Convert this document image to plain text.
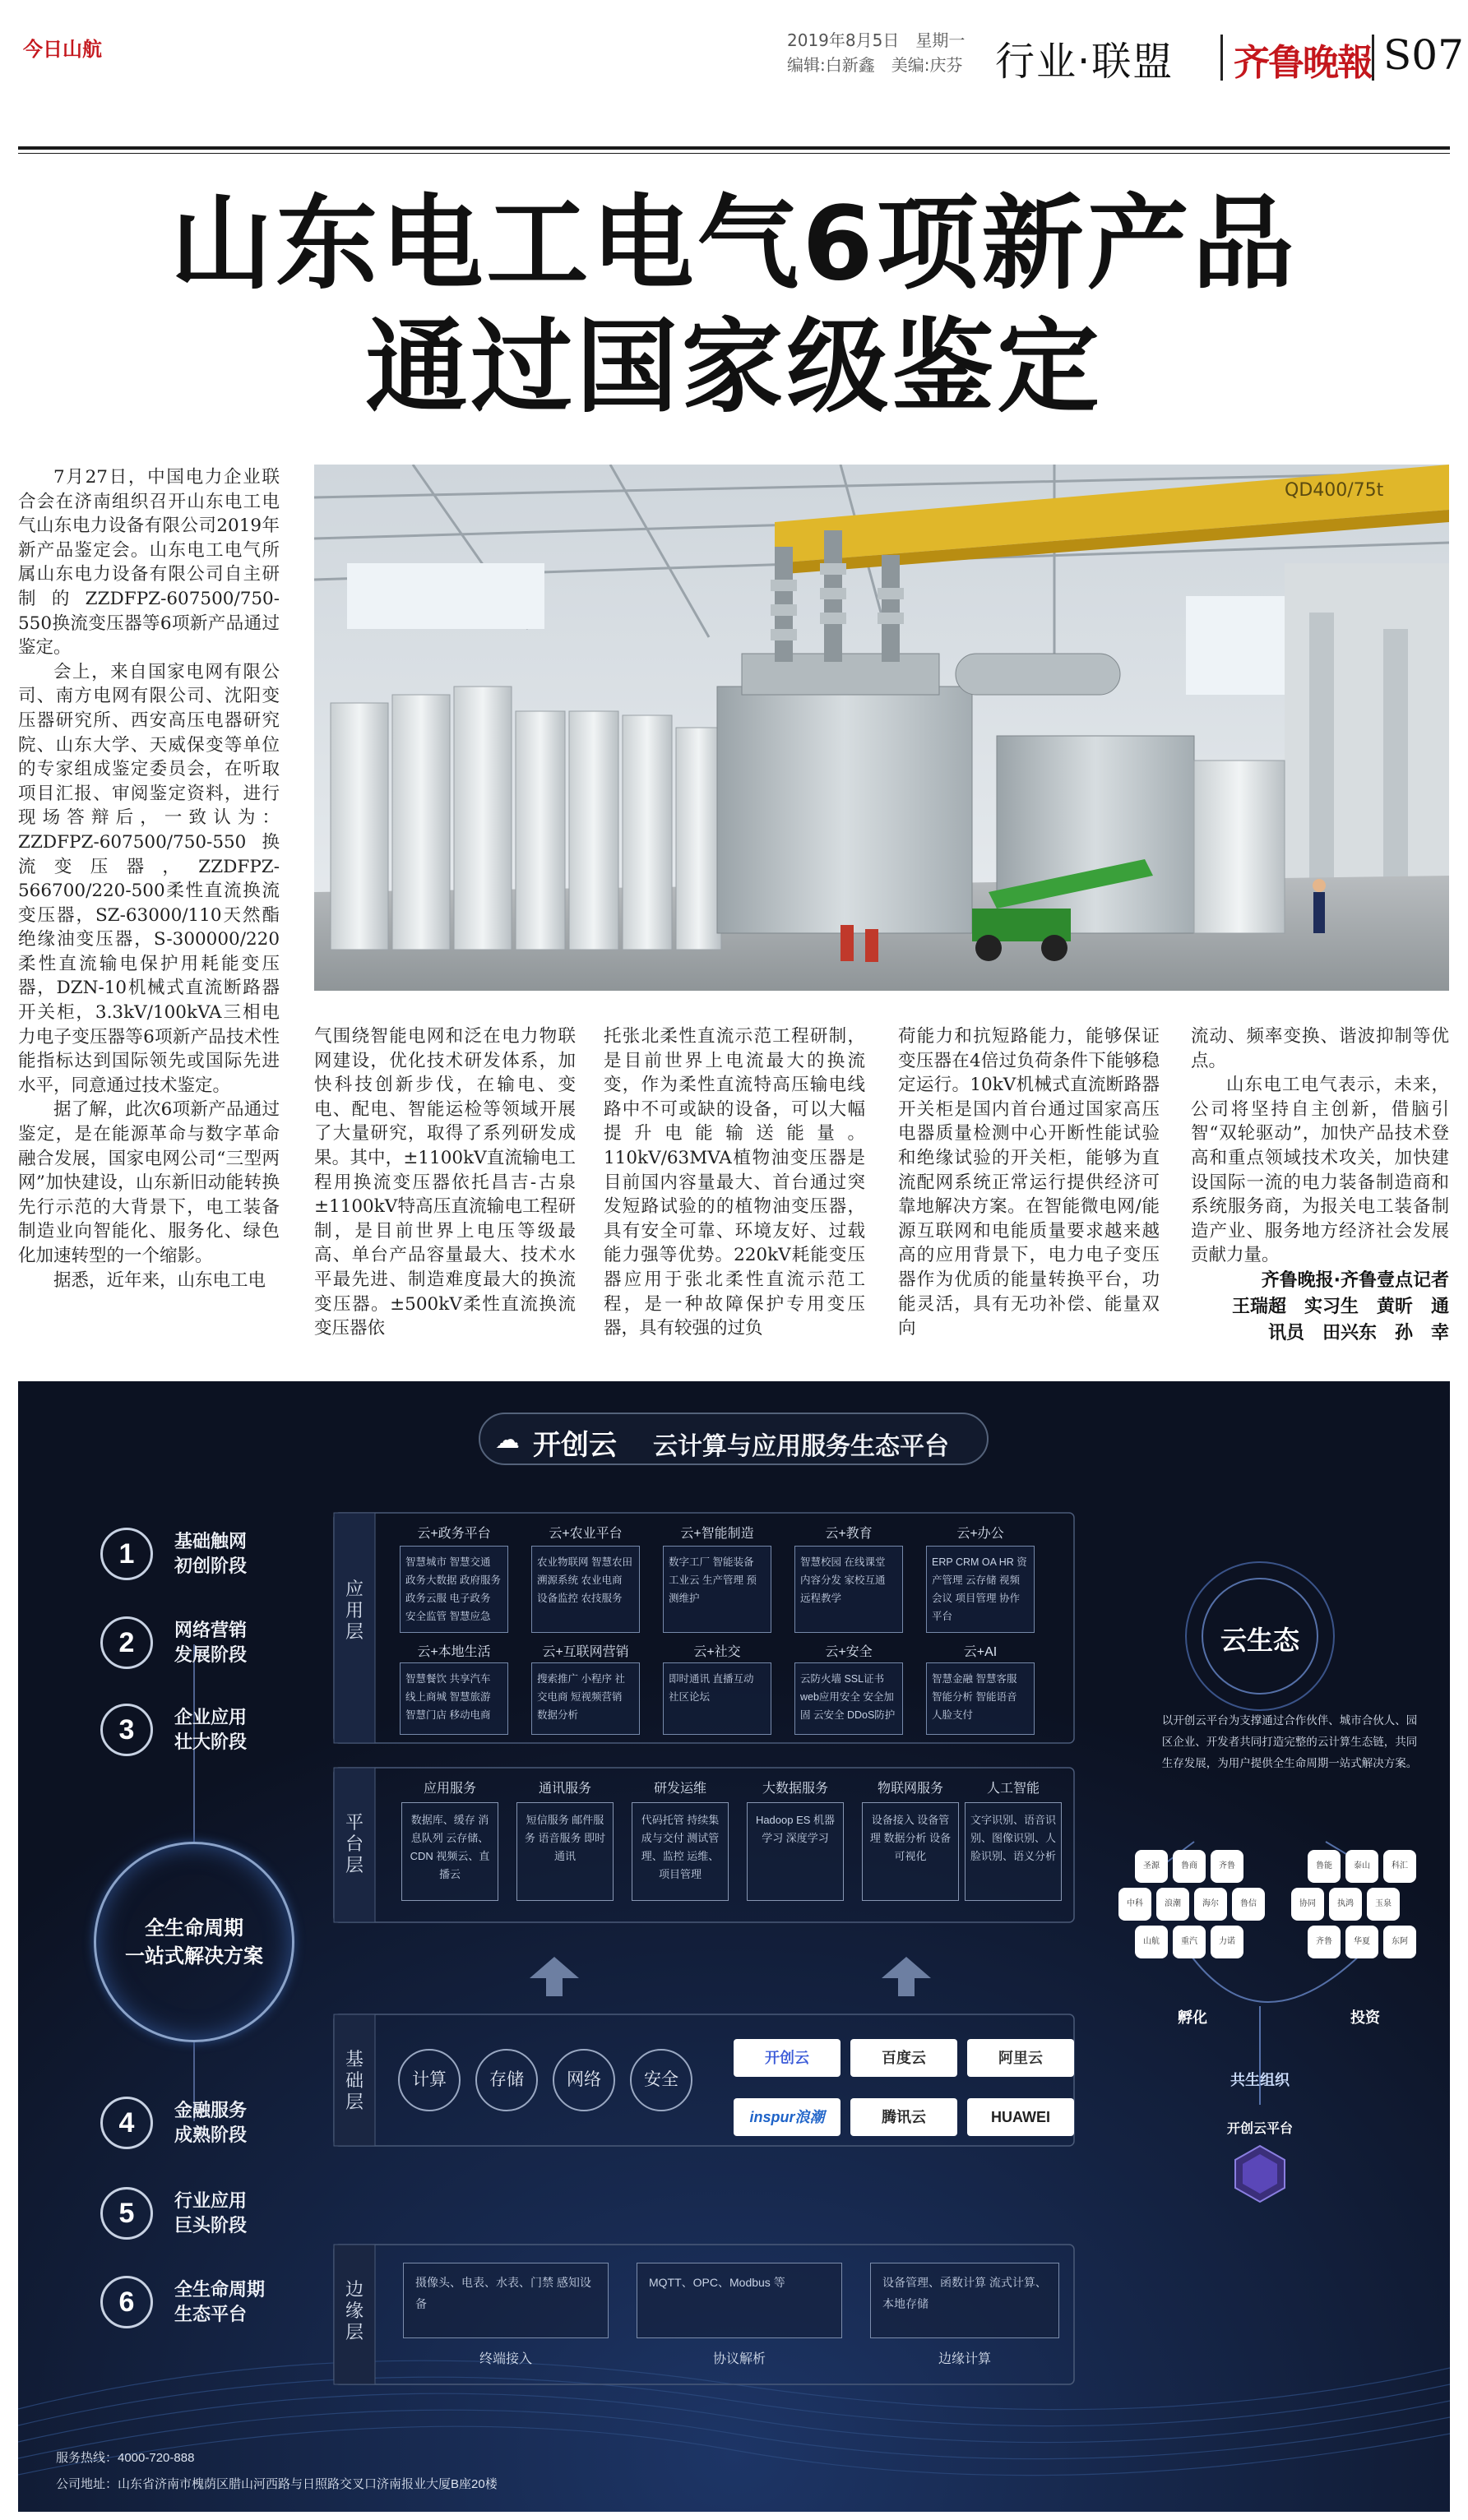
今日山航	2019年8月5日　星期一
编辑:白新鑫　美编:庆芬 行业·联盟 齐鲁晚報 S07
山东电工电气6项新产品
通过国家级鉴定
QD400/75t

7月27日，中国电力企业联合会在济南组织召开山东电工电气山东电力设备有限公司2019年新产品鉴定会。山东电工电气所属山东电力设备有限公司自主研制的ZZDFPZ-607500/750-550换流变压器等6项新产品通过鉴定。

会上，来自国家电网有限公司、南方电网有限公司、沈阳变压器研究所、西安高压电器研究院、山东大学、天威保变等单位的专家组成鉴定委员会，在听取项目汇报、审阅鉴定资料，进行现场答辩后，一致认为：ZZDFPZ-607500/750-550换流变压器，ZZDFPZ-566700/220-500柔性直流换流变压器，SZ-63000/110天然酯绝缘油变压器，S-300000/220柔性直流输电保护用耗能变压器，DZN-10机械式直流断路器开关柜，3.3kV/100kVA三相电力电子变压器等6项新产品技术性能指标达到国际领先或国际先进水平，同意通过技术鉴定。

据了解，此次6项新产品通过鉴定，是在能源革命与数字革命融合发展，国家电网公司“三型两网”加快建设，山东新旧动能转换先行示范的大背景下，电工装备制造业向智能化、服务化、绿色化加速转型的一个缩影。

据悉，近年来，山东电工电

气围绕智能电网和泛在电力物联网建设，优化技术研发体系，加快科技创新步伐，在输电、变电、配电、智能运检等领域开展了大量研究，取得了系列研发成果。其中，±1100kV直流输电工程用换流变压器依托昌吉-古泉±1100kV特高压直流输电工程研制，是目前世界上电压等级最高、单台产品容量最大、技术水平最先进、制造难度最大的换流变压器。±500kV柔性直流换流变压器依

托张北柔性直流示范工程研制，是目前世界上电流最大的换流变，作为柔性直流特高压输电线路中不可或缺的设备，可以大幅提升电能输送能量。110kV/63MVA植物油变压器是目前国内容量最大、首台通过突发短路试验的的植物油变压器，具有安全可靠、环境友好、过载能力强等优势。220kV耗能变压器应用于张北柔性直流示范工程，是一种故障保护专用变压器，具有较强的过负

荷能力和抗短路能力，能够保证变压器在4倍过负荷条件下能够稳定运行。10kV机械式直流断路器开关柜是国内首台通过国家高压电器质量检测中心开断性能试验和绝缘试验的开关柜，能够为直流配网系统正常运行提供经济可靠地解决方案。在智能微电网/能源互联网和电能质量要求越来越高的应用背景下，电力电子变压器作为优质的能量转换平台，功能灵活，具有无功补偿、能量双向

流动、频率变换、谐波抑制等优点。

山东电工电气表示，未来，公司将坚持自主创新，借脑引智“双轮驱动”，加快产品技术登高和重点领域技术攻关，加快建设国际一流的电力装备制造商和系统服务商，为报关电工装备制造产业、服务地方经济社会发展贡献力量。

齐鲁晚报·齐鲁壹点记者
王瑞超　实习生　黄昕　通
讯员　田兴东　孙　幸
☁ 开创云 云计算与应用服务生态平台
1	基础触网
初创阶段
2	网络营销
发展阶段
3	企业应用
壮大阶段
全生命周期
一站式解决方案
4	金融服务
成熟阶段
5	行业应用
巨头阶段
6	全生命周期
生态平台
应用层
平台层
基础层
边缘层
云+政务平台
智慧城市 智慧交通 政务大数据 政府服务 政务云服 电子政务 安全监管 智慧应急
云+农业平台
农业物联网 智慧农田 溯源系统 农业电商 设备监控 农技服务
云+智能制造
数字工厂 智能装备 工业云 生产管理 预测维护
云+教育
智慧校园 在线课堂 内容分发 家校互通 远程教学
云+办公
ERP CRM OA HR 资产管理 云存储 视频会议 项目管理 协作平台
云+本地生活
智慧餐饮 共享汽车 线上商城 智慧旅游 智慧门店 移动电商
云+互联网营销
搜索推广 小程序 社交电商 短视频营销 数据分析
云+社交
即时通讯 直播互动 社区论坛
云+安全
云防火墙 SSL证书 web应用安全 安全加固 云安全 DDoS防护
云+AI
智慧金融 智慧客服 智能分析 智能语音 人脸支付
应用服务
数据库、缓存 消息队列 云存储、CDN 视频云、直播云
通讯服务
短信服务 邮件服务 语音服务 即时通讯
研发运维
代码托管 持续集成与交付 测试管理、监控 运维、项目管理
大数据服务
Hadoop ES 机器学习 深度学习
物联网服务
设备接入 设备管理 数据分析 设备可视化
人工智能
文字识别、语音识别、图像识别、人脸识别、语义分析
计算	存储	网络	安全
开创云	百度云	阿里云
inspur浪潮	腾讯云	HUAWEI
摄像头、电表、水表、门禁 感知设备
终端接入
MQTT、OPC、Modbus 等
协议解析
设备管理、函数计算 流式计算、本地存储
边缘计算
云生态
以开创云平台为支撑通过合作伙伴、城市合伙人、园区企业、开发者共同打造完整的云计算生态链，共同生存发展，为用户提供全生命周期一站式解决方案。
圣源	鲁商	齐鲁
中科	浪潮	海尔	鲁信
山航	重汽	力诺
孵化
鲁能	泰山	科汇
协同	执鸿	玉泉
齐鲁	华夏	东阿
投资
共生组织
开创云平台
服务热线：4000-720-888
公司地址：山东省济南市槐荫区腊山河西路与日照路交叉口济南报业大厦B座20楼
